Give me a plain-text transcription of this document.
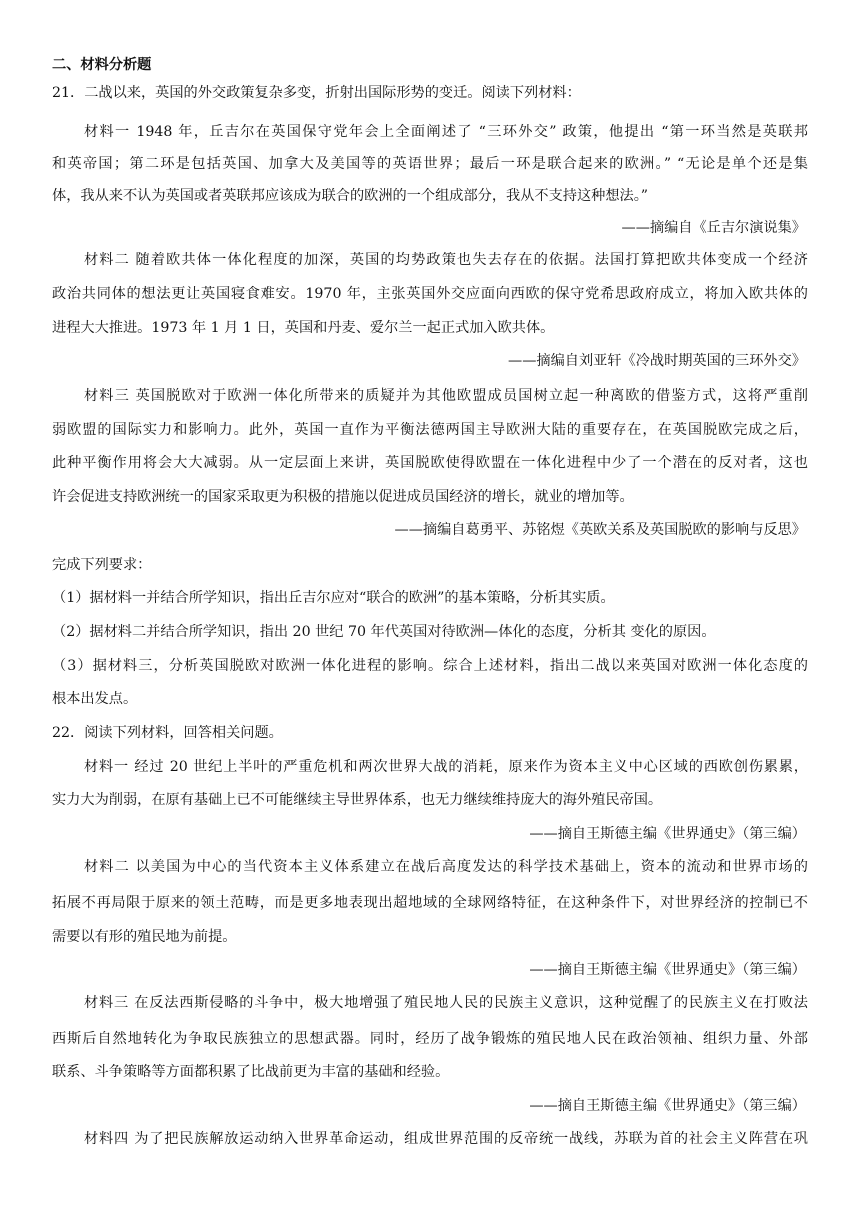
二、材料分析题
21．二战以来，英国的外交政策复杂多变，折射出国际形势的变迁。阅读下列材料：
材料一 1948 年，丘吉尔在英国保守党年会上全面阐述了 “三环外交” 政策，他提出 “第一环当然是英联邦
和英帝国；第二环是包括英国、加拿大及美国等的英语世界；最后一环是联合起来的欧洲。” “无论是单个还是集
体，我从来不认为英国或者英联邦应该成为联合的欧洲的一个组成部分，我从不支持这种想法。”
——摘编自《丘吉尔演说集》
材料二 随着欧共体一体化程度的加深，英国的均势政策也失去存在的依据。法国打算把欧共体变成一个经济
政治共同体的想法更让英国寝食难安。1970 年，主张英国外交应面向西欧的保守党希思政府成立，将加入欧共体的
进程大大推进。1973 年 1 月 1 日，英国和丹麦、爱尔兰一起正式加入欧共体。
——摘编自刘亚轩《冷战时期英国的三环外交》
材料三 英国脱欧对于欧洲一体化所带来的质疑并为其他欧盟成员国树立起一种离欧的借鉴方式，这将严重削
弱欧盟的国际实力和影响力。此外，英国一直作为平衡法德两国主导欧洲大陆的重要存在，在英国脱欧完成之后，
此种平衡作用将会大大减弱。从一定层面上来讲，英国脱欧使得欧盟在一体化进程中少了一个潜在的反对者，这也
许会促进支持欧洲统一的国家采取更为积极的措施以促进成员国经济的增长，就业的增加等。
——摘编自葛勇平、苏铭煜《英欧关系及英国脱欧的影响与反思》
完成下列要求：
（1）据材料一并结合所学知识，指出丘吉尔应对“联合的欧洲”的基本策略，分析其实质。
（2）据材料二并结合所学知识，指出 20 世纪 70 年代英国对待欧洲—体化的态度，分析其 变化的原因。
（3）据材料三，分析英国脱欧对欧洲一体化进程的影响。综合上述材料，指出二战以来英国对欧洲一体化态度的
根本出发点。
22．阅读下列材料，回答相关问题。
材料一 经过 20 世纪上半叶的严重危机和两次世界大战的消耗，原来作为资本主义中心区域的西欧创伤累累，
实力大为削弱，在原有基础上已不可能继续主导世界体系，也无力继续维持庞大的海外殖民帝国。
——摘自王斯德主编《世界通史》（第三编）
材料二 以美国为中心的当代资本主义体系建立在战后高度发达的科学技术基础上，资本的流动和世界市场的
拓展不再局限于原来的领土范畴，而是更多地表现出超地域的全球网络特征，在这种条件下，对世界经济的控制已不
需要以有形的殖民地为前提。
——摘自王斯德主编《世界通史》（第三编）
材料三 在反法西斯侵略的斗争中，极大地增强了殖民地人民的民族主义意识，这种觉醒了的民族主义在打败法
西斯后自然地转化为争取民族独立的思想武器。同时，经历了战争锻炼的殖民地人民在政治领袖、组织力量、外部
联系、斗争策略等方面都积累了比战前更为丰富的基础和经验。
——摘自王斯德主编《世界通史》（第三编）
材料四 为了把民族解放运动纳入世界革命运动，组成世界范围的反帝统一战线，苏联为首的社会主义阵营在巩
